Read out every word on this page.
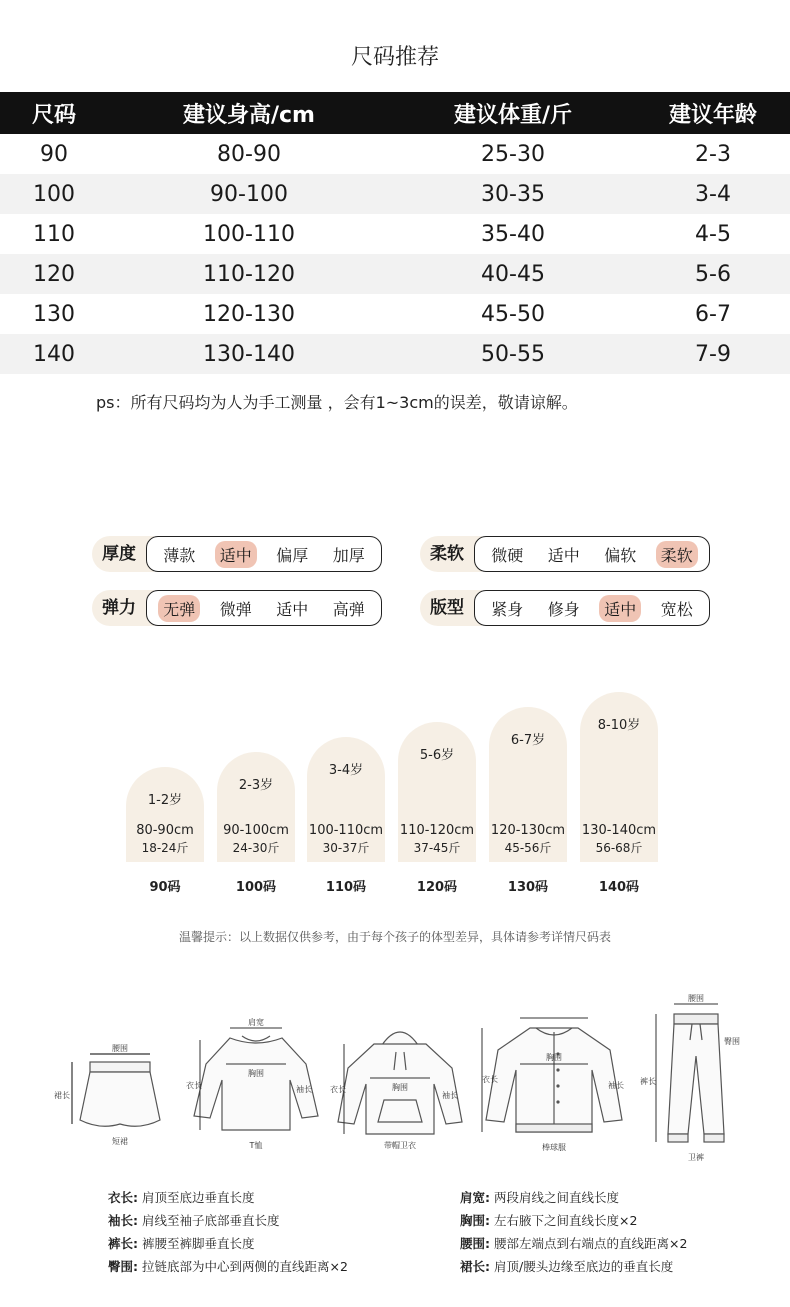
尺码推荐
尺码	建议身高/cm	建议体重/斤	建议年龄
90	80-90	25-30	2-3
100	90-100	30-35	3-4
110	100-110	35-40	4-5
120	110-120	40-45	5-6
130	120-130	45-50	6-7
140	130-140	50-55	7-9
ps：所有尺码均为人为手工测量 ，会有1~3cm的误差，敬请谅解。
厚度	薄款	适中	偏厚	加厚	柔软	微硬	适中	偏软	柔软
弹力	无弹	微弹	适中	高弹	版型	紧身	修身	适中	宽松
1-2岁
80-90cm
18-24斤
2-3岁
90-100cm
24-30斤
3-4岁
100-110cm
30-37斤
5-6岁
110-120cm
37-45斤
6-7岁
120-130cm
45-56斤
8-10岁
130-140cm
56-68斤
90码	100码	110码	120码	130码	140码
温馨提示：以上数据仅供参考，由于每个孩子的体型差异，具体请参考详情尺码表
腰围
裙长
短裙
肩宽
胸围
衣长	袖长
T恤
胸围
衣长
袖长
带帽卫衣
胸围
衣长
袖长
棒球服
腰围
臀围
裤长
卫裤
衣长: 肩顶至底边垂直长度
袖长: 肩线至袖子底部垂直长度
裤长: 裤腰至裤脚垂直长度
臀围: 拉链底部为中心到两侧的直线距离×2
肩宽: 两段肩线之间直线长度
胸围: 左右腋下之间直线长度×2
腰围: 腰部左端点到右端点的直线距离×2
裙长: 肩顶/腰头边缘至底边的垂直长度
